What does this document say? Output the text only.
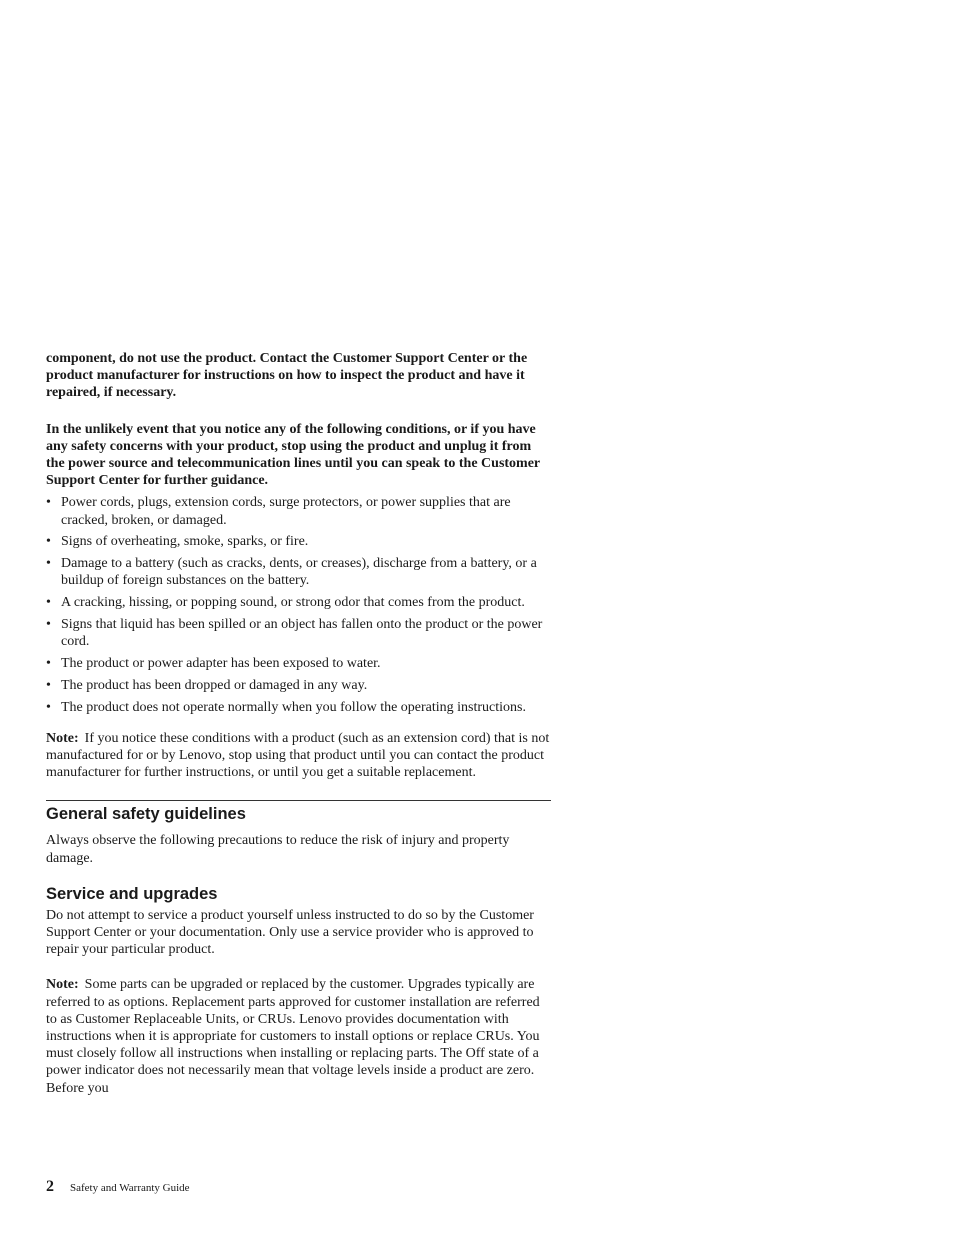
component, do not use the product. Contact the Customer Support Center or the product manufacturer for instructions on how to inspect the product and have it repaired, if necessary.

In the unlikely event that you notice any of the following conditions, or if you have any safety concerns with your product, stop using the product and unplug it from the power source and telecommunication lines until you can speak to the Customer Support Center for further guidance.

• Power cords, plugs, extension cords, surge protectors, or power supplies that are cracked, broken, or damaged.
• Signs of overheating, smoke, sparks, or fire.
• Damage to a battery (such as cracks, dents, or creases), discharge from a battery, or a buildup of foreign substances on the battery.
• A cracking, hissing, or popping sound, or strong odor that comes from the product.
• Signs that liquid has been spilled or an object has fallen onto the product or the power cord.
• The product or power adapter has been exposed to water.
• The product has been dropped or damaged in any way.
• The product does not operate normally when you follow the operating instructions.

Note: If you notice these conditions with a product (such as an extension cord) that is not manufactured for or by Lenovo, stop using that product until you can contact the product manufacturer for further instructions, or until you get a suitable replacement.

General safety guidelines

Always observe the following precautions to reduce the risk of injury and property damage.

Service and upgrades

Do not attempt to service a product yourself unless instructed to do so by the Customer Support Center or your documentation. Only use a service provider who is approved to repair your particular product.

Note: Some parts can be upgraded or replaced by the customer. Upgrades typically are referred to as options. Replacement parts approved for customer installation are referred to as Customer Replaceable Units, or CRUs. Lenovo provides documentation with instructions when it is appropriate for customers to install options or replace CRUs. You must closely follow all instructions when installing or replacing parts. The Off state of a power indicator does not necessarily mean that voltage levels inside a product are zero. Before you

2 Safety and Warranty Guide
